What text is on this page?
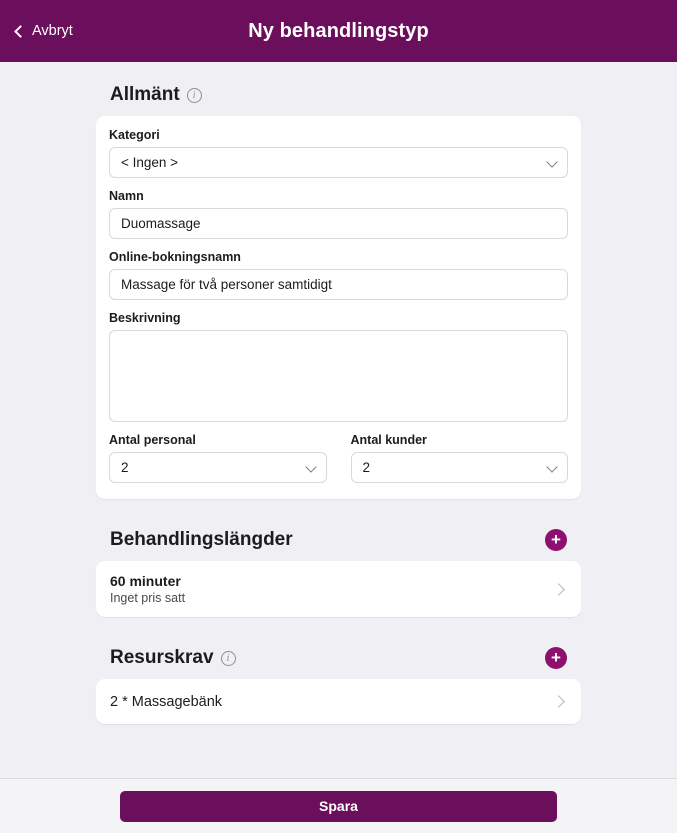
Avbryt	Ny behandlingstyp
Allmänt	i
Kategori
< Ingen >
Namn
Duomassage
Online-bokningsnamn
Massage för två personer samtidigt
Beskrivning
Antal personal
2
Antal kunder
2
Behandlingslängder	+
60 minuter
Inget pris satt
Resurskrav	i	+
2 * Massagebänk
Spara
